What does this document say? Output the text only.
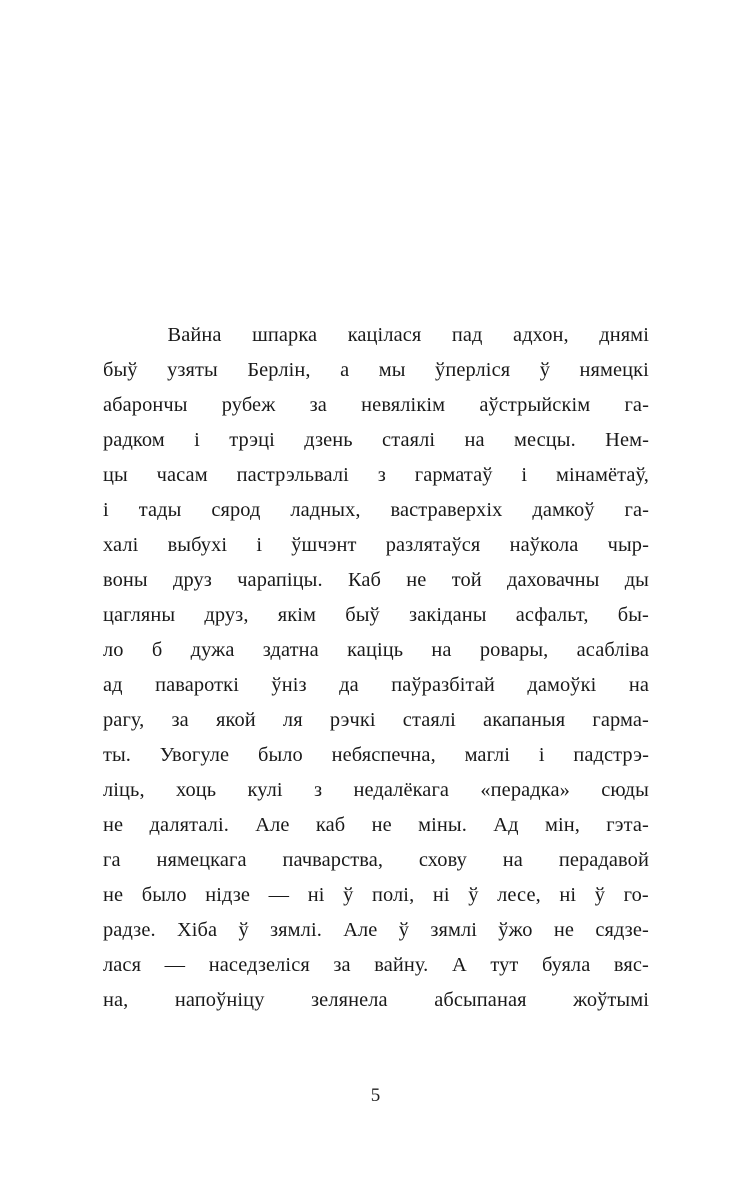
Вайна шпарка кацілася пад адхон, днямі
быў узяты Берлін, а мы ўперліся ў нямецкі
абарончы рубеж за невялікім аўстрыйскім га-
радком і трэці дзень стаялі на месцы. Нем-
цы часам пастрэльвалі з гарматаў і мінамётаў,
і тады сярод ладных, вастраверхіх дамкоў га-
халі выбухі і ўшчэнт разлятаўся наўкола чыр-
воны друз чарапіцы. Каб не той даховачны ды
цагляны друз, якім быў закіданы асфальт, бы-
ло б дужа здатна каціць на ровары, асабліва
ад павароткі ўніз да паўразбітай дамоўкі на
рагу, за якой ля рэчкі стаялі акапаныя гарма-
ты. Увогуле было небяспечна, маглі і падстрэ-
ліць, хоць кулі з недалёкага «перадка» сюды
не даляталі. Але каб не міны. Ад мін, гэта-
га нямецкага пачварства, схову на перадавой
не было нідзе — ні ў полі, ні ў лесе, ні ў го-
радзе. Хіба ў зямлі. Але ў зямлі ўжо не сядзе-
лася — наседзеліся за вайну. А тут буяла вяс-
на, напоўніцу зелянела абсыпаная жоўтымі
5
